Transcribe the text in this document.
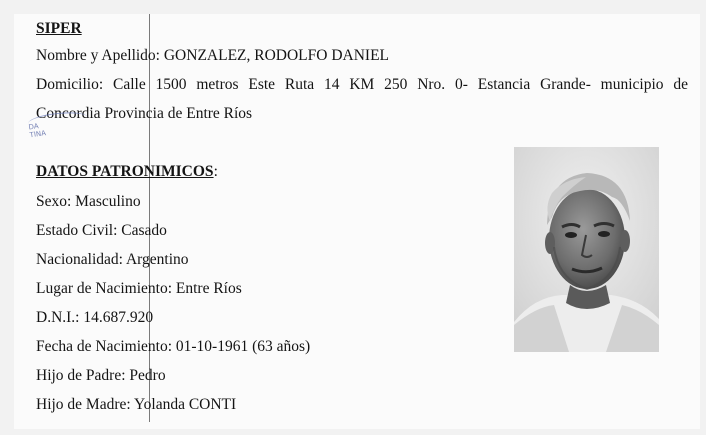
SIPER
Nombre y Apellido: GONZALEZ, RODOLFO DANIEL
Domicilio: Calle 1500 metros Este Ruta 14 KM 250 Nro. 0- Estancia Grande- municipio de
Concordia Provincia de Entre Ríos
DA
TINA
DATOS PATRONIMICOS:
Sexo: Masculino
Estado Civil: Casado
Nacionalidad: Argentino
Lugar de Nacimiento: Entre Ríos
D.N.I.: 14.687.920
Fecha de Nacimiento: 01-10-1961 (63 años)
Hijo de Padre: Pedro
Hijo de Madre: Yolanda CONTI
